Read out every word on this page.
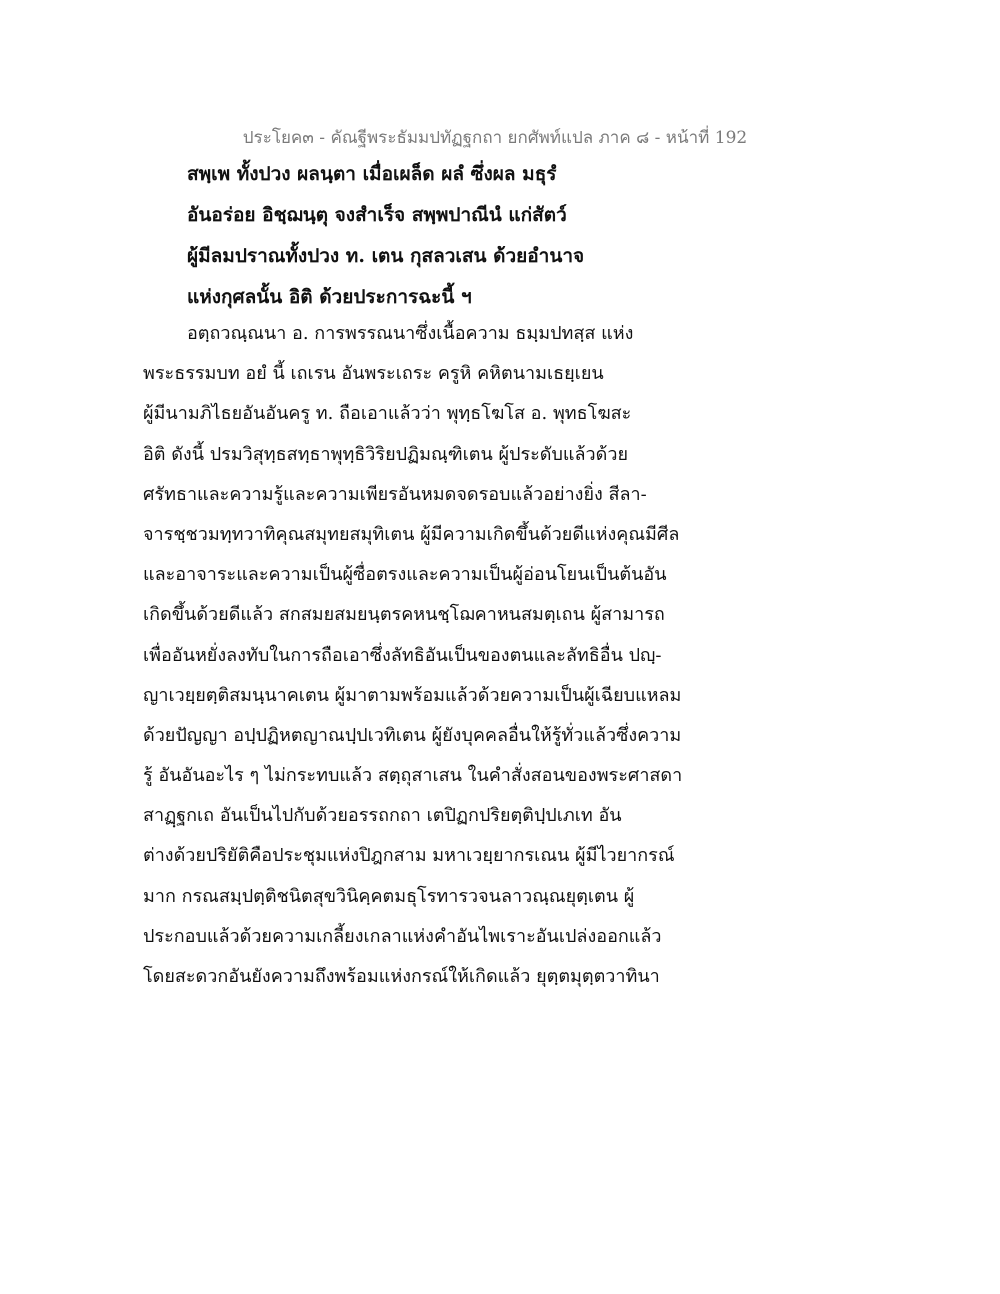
ประโยค๓ - คัณฐีพระธัมมปทัฏฐกถา ยกศัพท์แปล ภาค ๘ - หน้าที่ 192
สพฺเพ ทั้งปวง ผลนฺตา เมื่อเผล็ด ผลํ ซึ่งผล มธุรํ
อันอร่อย อิชฺฌนฺตุ จงสำเร็จ สพฺพปาณีนํ แก่สัตว์
ผู้มีลมปราณทั้งปวง ท. เตน กุสลวเสน ด้วยอำนาจ
แห่งกุศลนั้น อิติ ด้วยประการฉะนี้ ฯ
อตฺถวณฺณนา อ. การพรรณนาซึ่งเนื้อความ ธมฺมปทสฺส แห่ง
พระธรรมบท อยํ นี้ เถเรน อันพระเถระ ครูหิ คหิตนามเธยฺเยน
ผู้มีนามภิไธยอันอันครู ท. ถือเอาแล้วว่า พุทฺธโฆโส อ. พุทธโฆสะ
อิติ ดังนี้ ปรมวิสุทฺธสทฺธาพุทฺธิวิริยปฏิมณฺฑิเตน ผู้ประดับแล้วด้วย
ศรัทธาและความรู้และความเพียรอันหมดจดรอบแล้วอย่างยิ่ง สีลา-
จารชฺชวมทฺทวาทิคุณสมุทยสมุทิเตน ผู้มีความเกิดขึ้นด้วยดีแห่งคุณมีศีล
และอาจาระและความเป็นผู้ซื่อตรงและความเป็นผู้อ่อนโยนเป็นต้นอัน
เกิดขึ้นด้วยดีแล้ว สกสมยสมยนฺตรคหนชฺโฌคาหนสมตฺเถน ผู้สามารถ
เพื่ออันหยั่งลงทับในการถือเอาซึ่งลัทธิอันเป็นของตนและลัทธิอื่น ปญฺ-
ญาเวยฺยตฺติสมนฺนาคเตน ผู้มาตามพร้อมแล้วด้วยความเป็นผู้เฉียบแหลม
ด้วยปัญญา อปฺปฏิหตญาณปฺปเวทิเตน ผู้ยังบุคคลอื่นให้รู้ทั่วแล้วซึ่งความ
รู้ อันอันอะไร ๆ ไม่กระทบแล้ว สตฺถุสาเสน ในคำสั่งสอนของพระศาสดา
สาฏฺฐกเถ อันเป็นไปกับด้วยอรรถกถา เตปิฏกปริยตฺติปฺปเภเท อัน
ต่างด้วยปริยัติคือประชุมแห่งปิฎกสาม มหาเวยฺยากรเณน ผู้มีไวยากรณ์
มาก กรณสมฺปตฺติชนิตสุขวินิคฺคตมธุโรทารวจนลาวณฺณยุตฺเตน ผู้
ประกอบแล้วด้วยความเกลี้ยงเกลาแห่งคำอันไพเราะอันเปล่งออกแล้ว
โดยสะดวกอันยังความถึงพร้อมแห่งกรณ์ให้เกิดแล้ว ยุตฺตมุตฺตวาทินา
